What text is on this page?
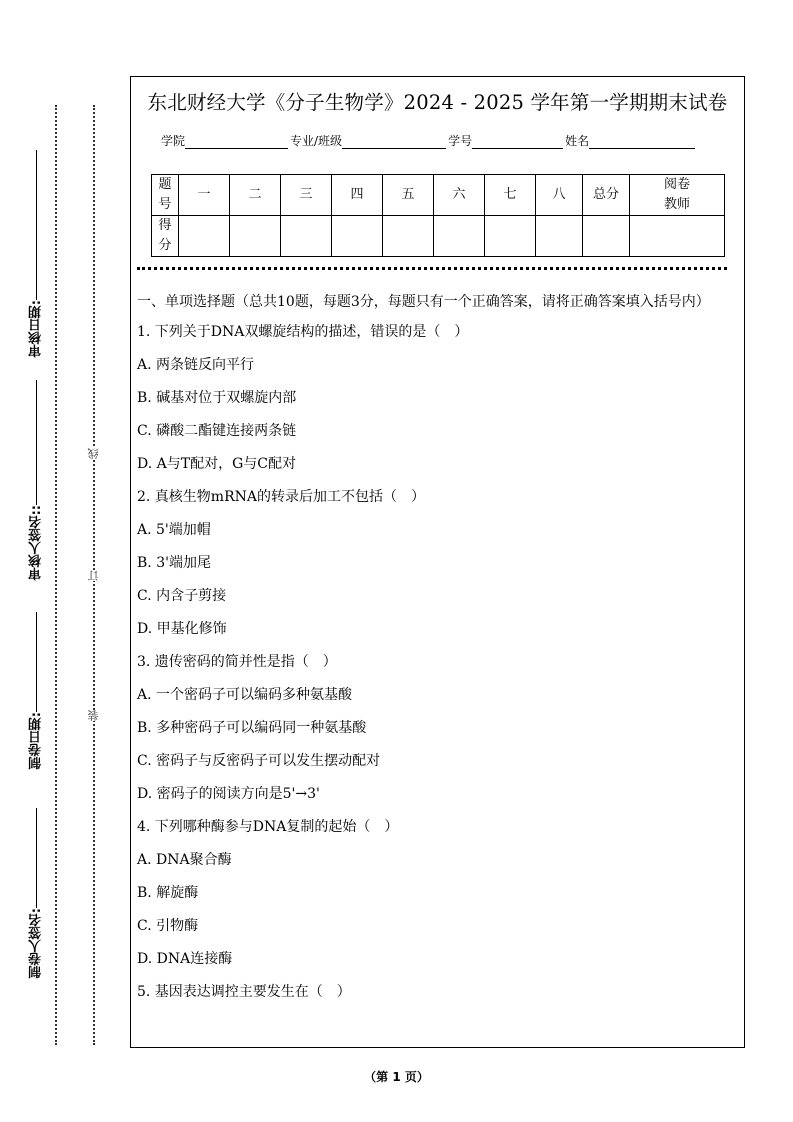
线
订
装
审核日期:
审核人签名::
制卷日期:
制卷人签名:
东北财经大学《分子生物学》2024 - 2025 学年第一学期期末试卷
学院	专业/班级	学号	姓名
题号	一	二	三	四	五	六	七	八	总分	阅卷教师
得分										
一、单项选择题（总共10题，每题3分，每题只有一个正确答案，请将正确答案填入括号内）
1. 下列关于DNA双螺旋结构的描述，错误的是（　）
A. 两条链反向平行
B. 碱基对位于双螺旋内部
C. 磷酸二酯键连接两条链
D. A与T配对，G与C配对
2. 真核生物mRNA的转录后加工不包括（　）
A. 5'端加帽
B. 3'端加尾
C. 内含子剪接
D. 甲基化修饰
3. 遗传密码的简并性是指（　）
A. 一个密码子可以编码多种氨基酸
B. 多种密码子可以编码同一种氨基酸
C. 密码子与反密码子可以发生摆动配对
D. 密码子的阅读方向是5'→3'
4. 下列哪种酶参与DNA复制的起始（　）
A. DNA聚合酶
B. 解旋酶
C. 引物酶
D. DNA连接酶
5. 基因表达调控主要发生在（　）
（第 1 页）
